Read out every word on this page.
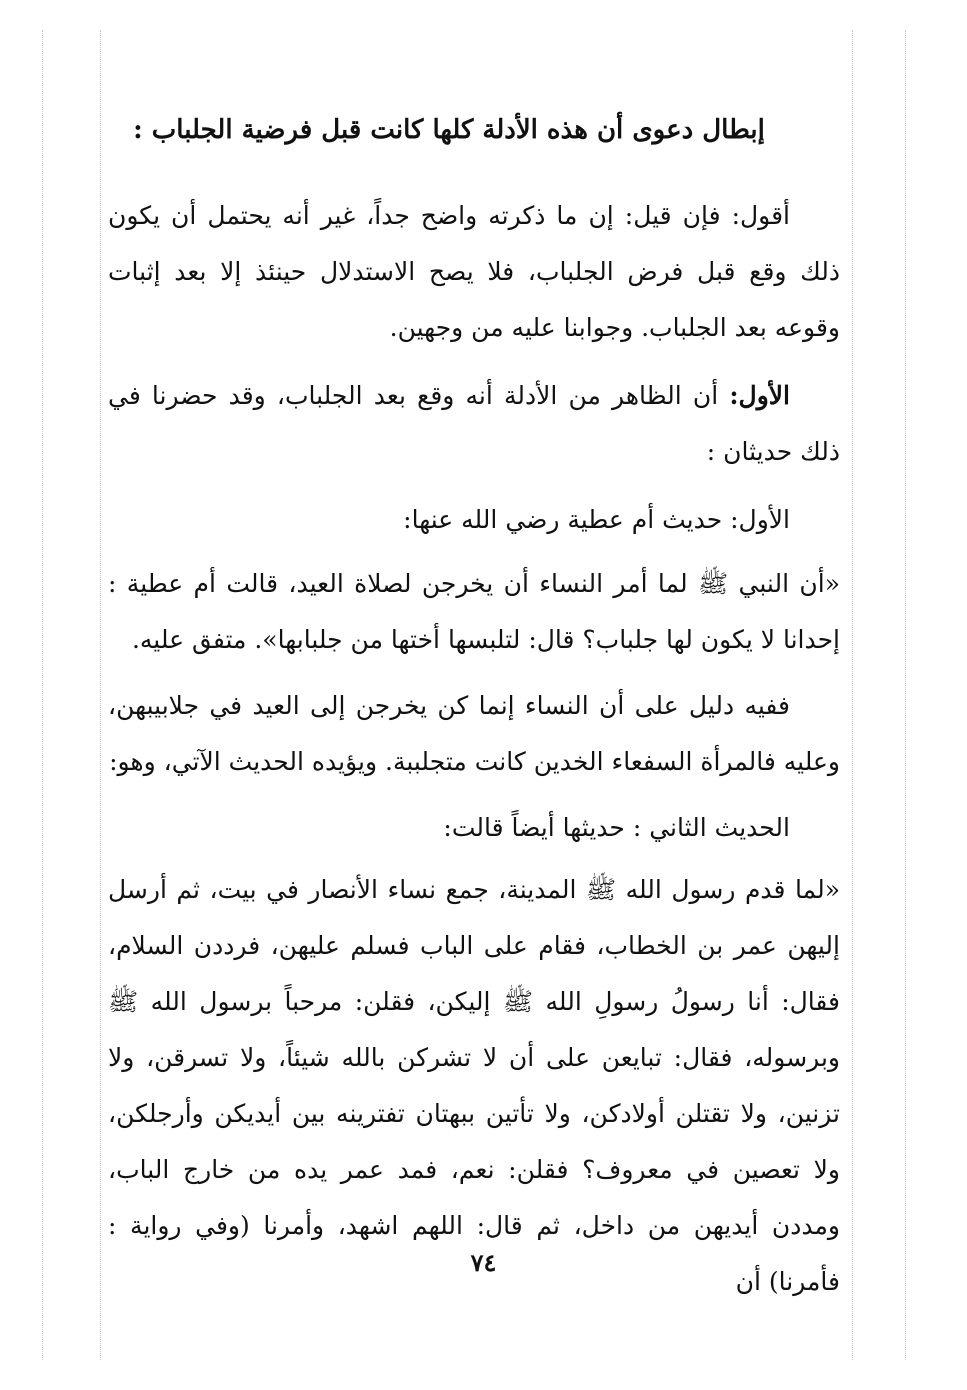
إبطال دعوى أن هذه الأدلة كلها كانت قبل فرضية الجلباب :
أقول: فإن قيل: إن ما ذكرته واضح جداً، غير أنه يحتمل أن يكون ذلك وقع قبل فرض الجلباب، فلا يصح الاستدلال حينئذ إلا بعد إثبات وقوعه بعد الجلباب. وجوابنا عليه من وجهين.
الأول: أن الظاهر من الأدلة أنه وقع بعد الجلباب، وقد حضرنا في ذلك حديثان :
الأول: حديث أم عطية رضي الله عنها:
«أن النبي ﷺ لما أمر النساء أن يخرجن لصلاة العيد، قالت أم عطية : إحدانا لا يكون لها جلباب؟ قال: لتلبسها أختها من جلبابها». متفق عليه.
ففيه دليل على أن النساء إنما كن يخرجن إلى العيد في جلابيبهن، وعليه فالمرأة السفعاء الخدين كانت متجلببة. ويؤيده الحديث الآتي، وهو:
الحديث الثاني : حديثها أيضاً قالت:
«لما قدم رسول الله ﷺ المدينة، جمع نساء الأنصار في بيت، ثم أرسل إليهن عمر بن الخطاب، فقام على الباب فسلم عليهن، فرددن السلام، فقال: أنا رسولُ رسولِ الله ﷺ إليكن، فقلن: مرحباً برسول الله ﷺ وبرسوله، فقال: تبايعن على أن لا تشركن بالله شيئاً، ولا تسرقن، ولا تزنين، ولا تقتلن أولادكن، ولا تأتين ببهتان تفترينه بين أيديكن وأرجلكن، ولا تعصين في معروف؟ فقلن: نعم، فمد عمر يده من خارج الباب، ومددن أيديهن من داخل، ثم قال: اللهم اشهد، وأمرنا (وفي رواية : فأمرنا) أن
٧٤
